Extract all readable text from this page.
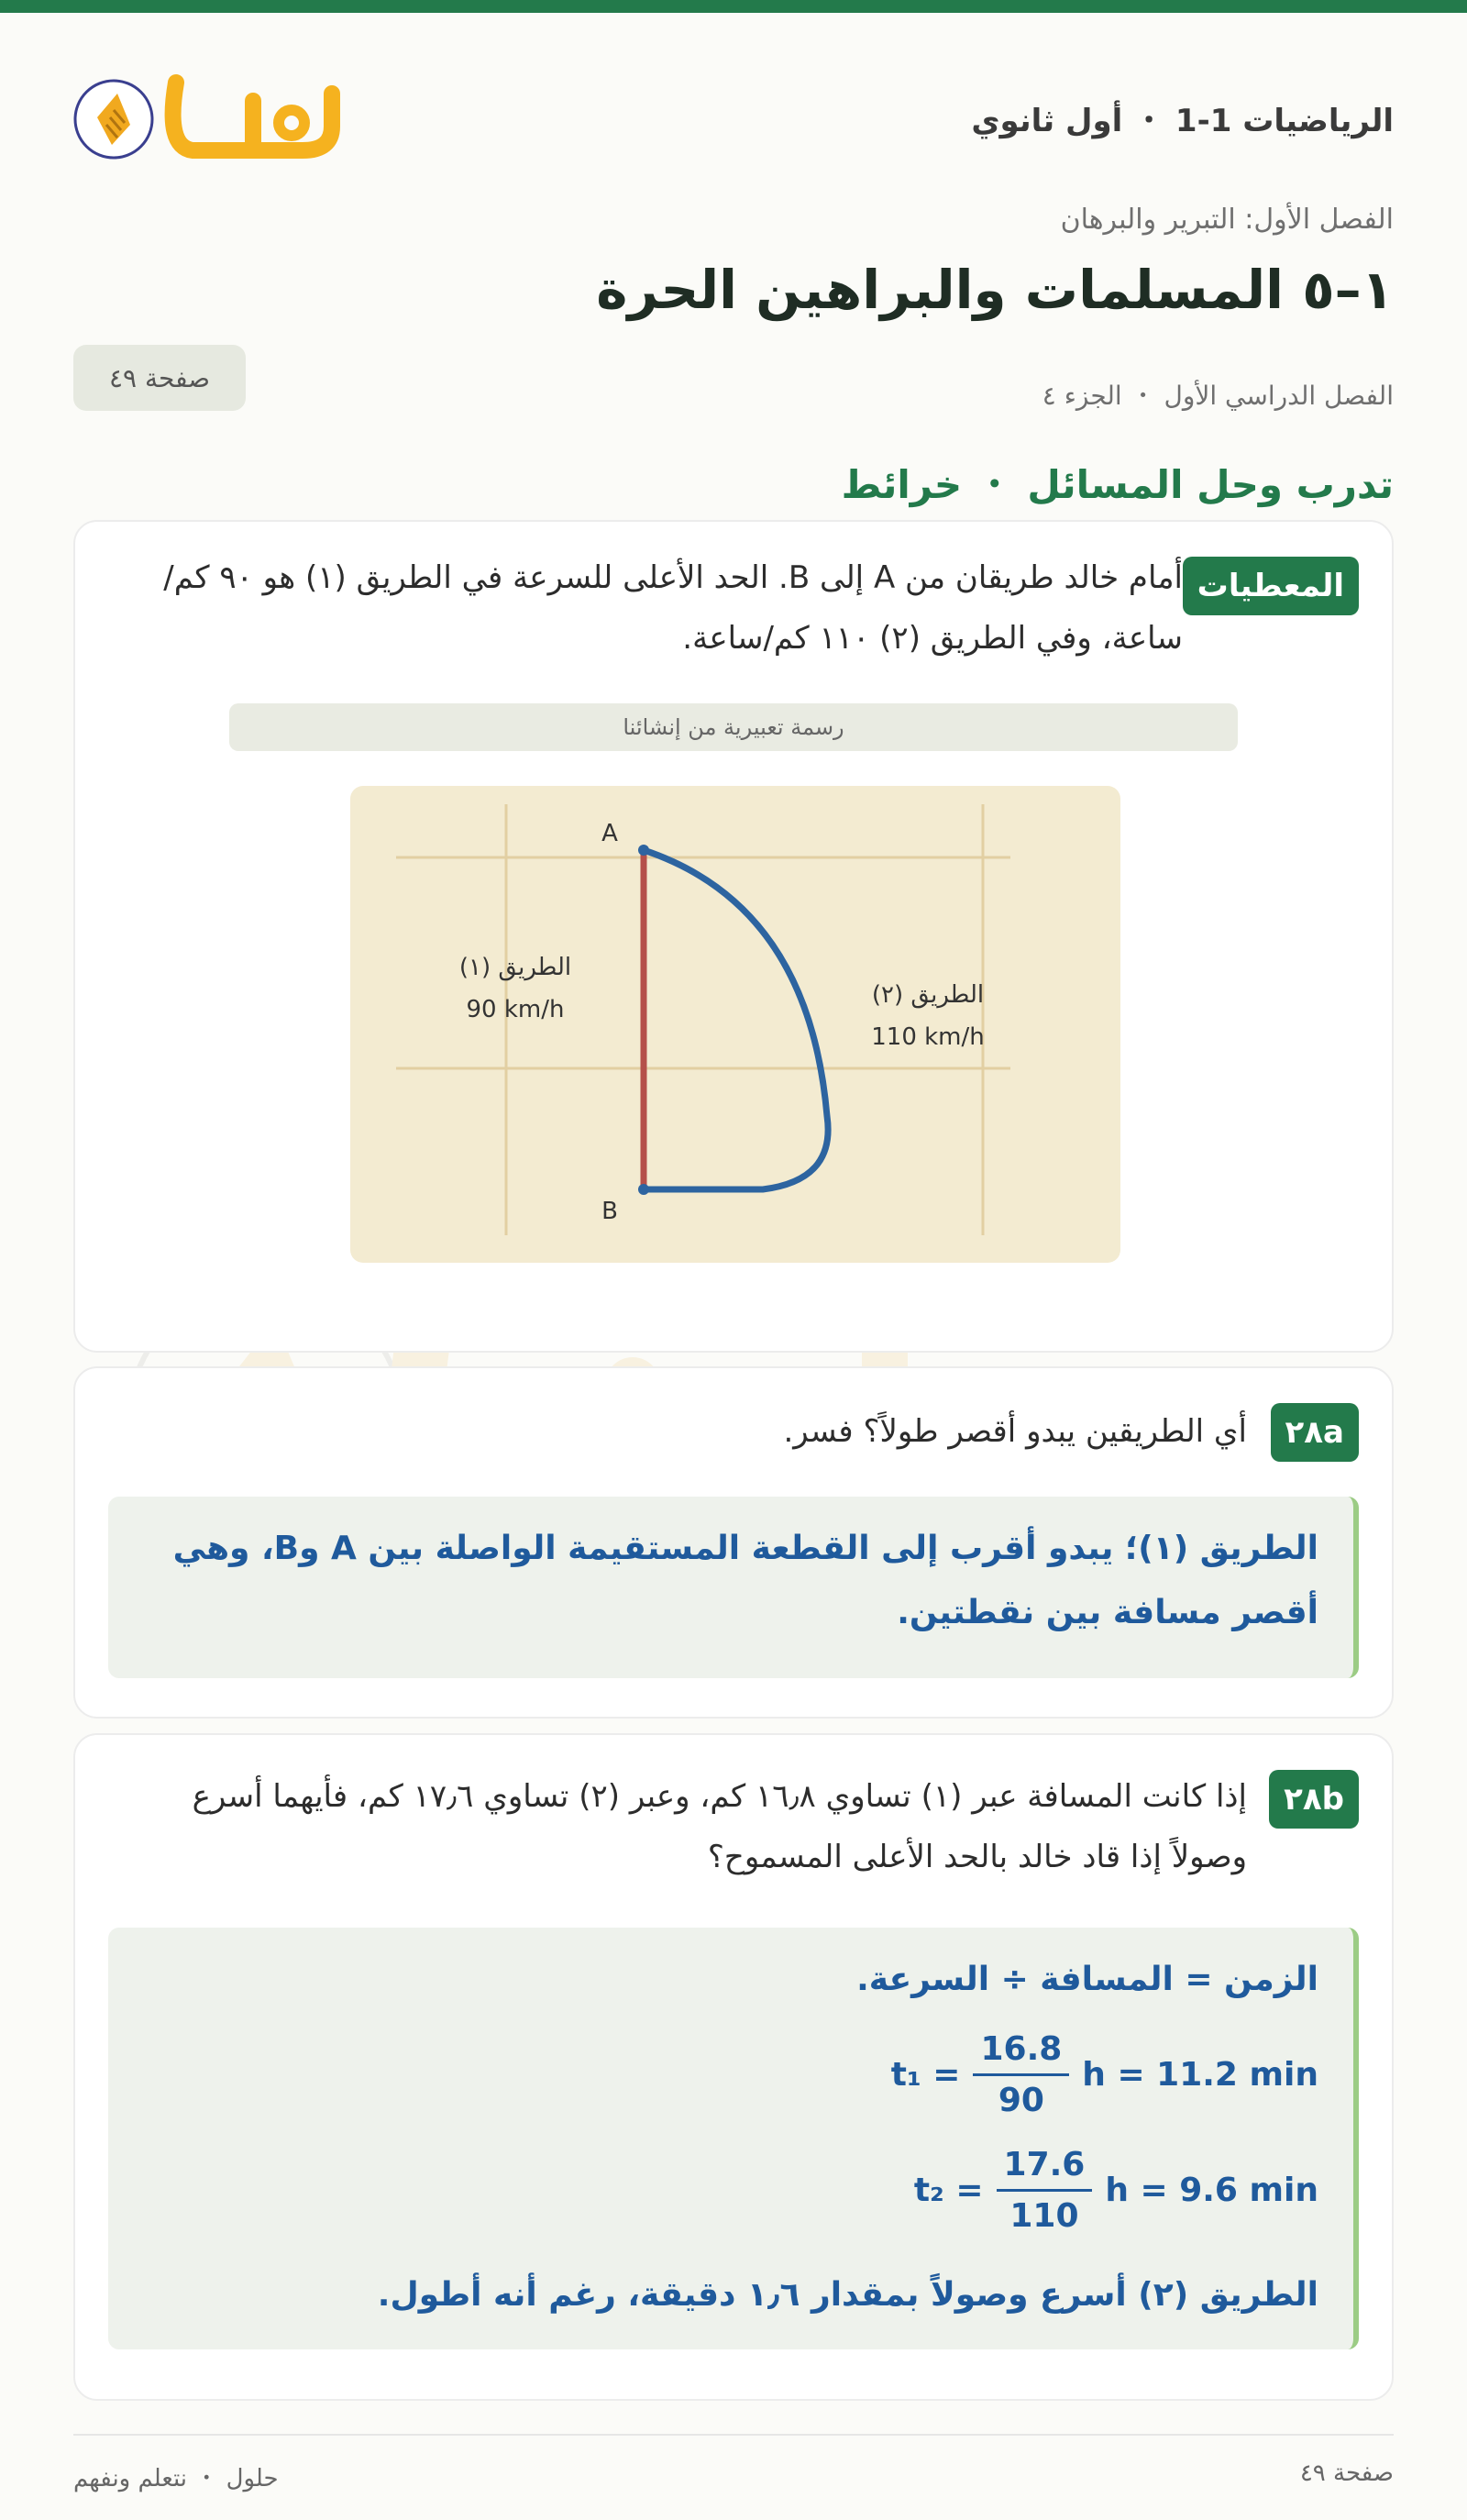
الرياضيات 1-1 ・ أول ثانوي
الفصل الأول: التبرير والبرهان
١–٥ المسلمات والبراهين الحرة
الفصل الدراسي الأول ・ الجزء ٤
صفحة ٤٩
تدرب وحل المسائل ・ خرائط
المعطيات
أمام خالد طريقان من A إلى B. الحد الأعلى للسرعة في الطريق (١) هو ٩٠ كم/ساعة، وفي الطريق (٢) ١١٠ كم/ساعة.
رسمة تعبيرية من إنشائنا
A
B
الطريق (١)
90 km/h
الطريق (٢)
110 km/h
٢٨a
أي الطريقين يبدو أقصر طولاً؟ فسر.
الطريق (١)؛ يبدو أقرب إلى القطعة المستقيمة الواصلة بين A وB، وهي أقصر مسافة بين نقطتين.
٢٨b
إذا كانت المسافة عبر (١) تساوي ١٦٫٨ كم، وعبر (٢) تساوي ١٧٫٦ كم، فأيهما أسرع وصولاً إذا قاد خالد بالحد الأعلى المسموح؟
الزمن = المسافة ÷ السرعة.
$t_1 = \frac{16.8}{90}$ h = 11.2 min
$t_2 = \frac{17.6}{110}$ h = 9.6 min
الطريق (٢) أسرع وصولاً بمقدار ١٫٦ دقيقة، رغم أنه أطول.
صفحة ٤٩
حلول ・ نتعلم ونفهم
